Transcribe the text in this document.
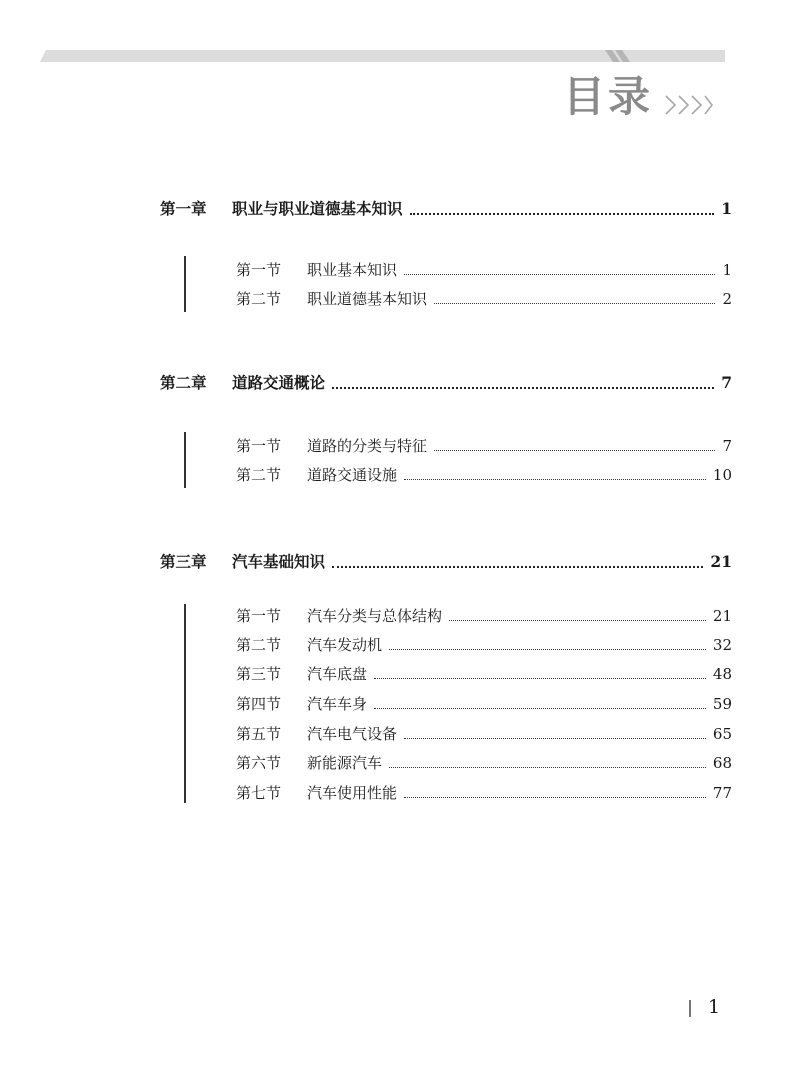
目录
第一章	职业与职业道德基本知识	1
第一节	职业基本知识	1
第二节	职业道德基本知识	2
第二章	道路交通概论	7
第一节	道路的分类与特征	7
第二节	道路交通设施	10
第三章	汽车基础知识	21
第一节	汽车分类与总体结构	21
第二节	汽车发动机	32
第三节	汽车底盘	48
第四节	汽车车身	59
第五节	汽车电气设备	65
第六节	新能源汽车	68
第七节	汽车使用性能	77
1
